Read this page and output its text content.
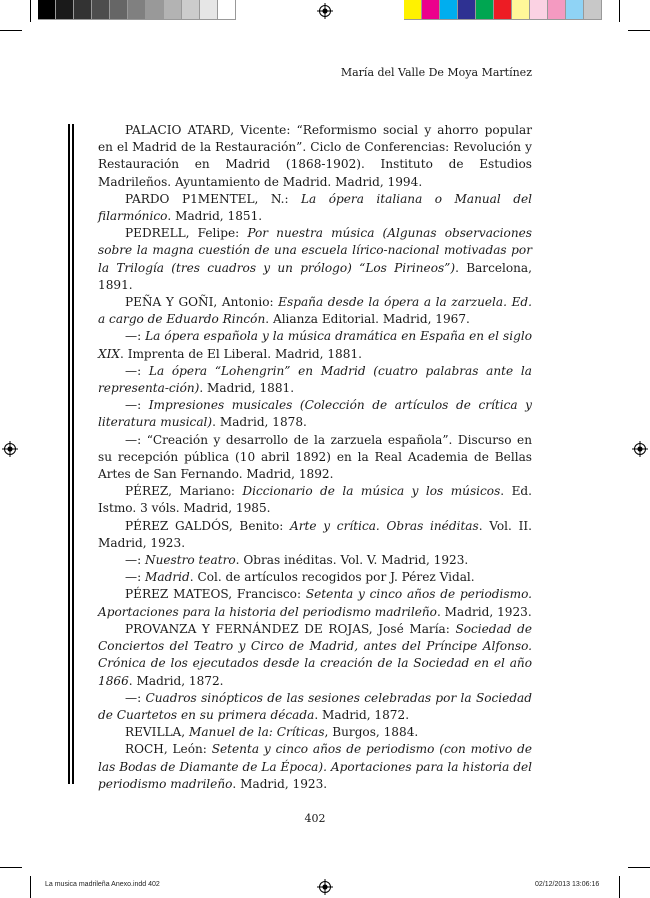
María del Valle De Moya Martínez

PALACIO ATARD, Vicente: “Reformismo social y ahorro popular en el Madrid de la Restauración”. Ciclo de Conferencias: Revolución y Restauración en Madrid (1868-1902). Instituto de Estudios Madrileños. Ayuntamiento de Madrid. Madrid, 1994.

PARDO P1MENTEL, N.: La ópera italiana o Manual del filarmónico. Madrid, 1851.

PEDRELL, Felipe: Por nuestra música (Algunas observaciones sobre la magna cuestión de una escuela lírico-nacional motivadas por la Trilogía (tres cuadros y un prólogo) “Los Pirineos”). Barcelona, 1891.

PEÑA Y GOÑI, Antonio: España desde la ópera a la zarzuela. Ed. a cargo de Eduardo Rincón. Alianza Editorial. Madrid, 1967.

—: La ópera española y la música dramática en España en el siglo XIX. Imprenta de El Liberal. Madrid, 1881.

—: La ópera “Lohengrin” en Madrid (cuatro palabras ante la representa-ción). Madrid, 1881.

—: Impresiones musicales (Colección de artículos de crítica y literatura musical). Madrid, 1878.

—: “Creación y desarrollo de la zarzuela española”. Discurso en su recepción pública (10 abril 1892) en la Real Academia de Bellas Artes de San Fernando. Madrid, 1892.

PÉREZ, Mariano: Diccionario de la música y los músicos. Ed. Istmo. 3 vóls. Madrid, 1985.

PÉREZ GALDÓS, Benito: Arte y crítica. Obras inéditas. Vol. II. Madrid, 1923.

—: Nuestro teatro. Obras inéditas. Vol. V. Madrid, 1923.

—: Madrid. Col. de artículos recogidos por J. Pérez Vidal.

PÉREZ MATEOS, Francisco: Setenta y cinco años de periodismo. Aportaciones para la historia del periodismo madrileño. Madrid, 1923.

PROVANZA Y FERNÁNDEZ DE ROJAS, José María: Sociedad de Conciertos del Teatro y Circo de Madrid, antes del Príncipe Alfonso. Crónica de los ejecutados desde la creación de la Sociedad en el año 1866. Madrid, 1872.

—: Cuadros sinópticos de las sesiones celebradas por la Sociedad de Cuartetos en su primera década. Madrid, 1872.

REVILLA, Manuel de la: Críticas, Burgos, 1884.

ROCH, León: Setenta y cinco años de periodismo (con motivo de las Bodas de Diamante de La Época). Aportaciones para la historia del periodismo madrileño. Madrid, 1923.

402
La musica madrileña Anexo.indd 402	02/12/2013 13:06:16
